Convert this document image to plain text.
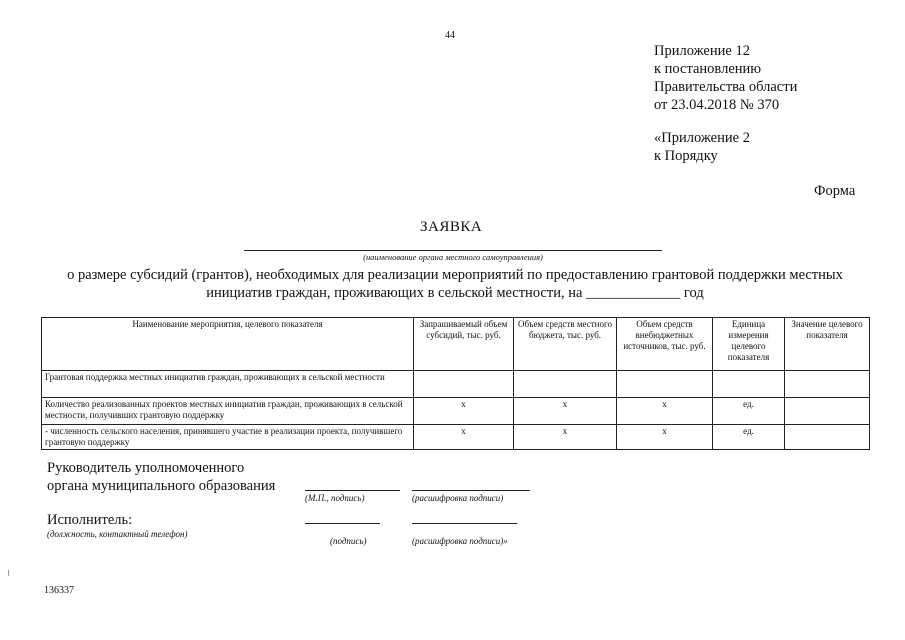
44
Приложение 12
к постановлению
Правительства области
от 23.04.2018 № 370
«Приложение 2
к Порядку
Форма
ЗАЯВКА
(наименование органа местного самоуправления)
о размере субсидий (грантов), необходимых для реализации мероприятий по предоставлению грантовой поддержки местных
инициатив граждан, проживающих в сельской местности, на _____________ год
Наименование мероприятия, целевого показателя	Запрашиваемый объем субсидий, тыс. руб.	Объем средств местного бюджета, тыс. руб.	Объем средств внебюджетных источников, тыс. руб.	Единица измерения целевого показателя	Значение целевого показателя
Грантовая поддержка местных инициатив граждан, проживающих в сельской местности					
Количество реализованных проектов местных инициатив граждан, проживающих в сельской местности, получивших грантовую поддержку	х	х	х	ед.	
- численность сельского населения, принявшего участие в реализации проекта, получившего грантовую поддержку	х	х	х	ед.	
Руководитель уполномоченного
органа муниципального образования
(М.П., подпись)	(расшифровка подписи)
Исполнитель:
(должность, контактный телефон)
(подпись)	(расшифровка подписи)»
136337
